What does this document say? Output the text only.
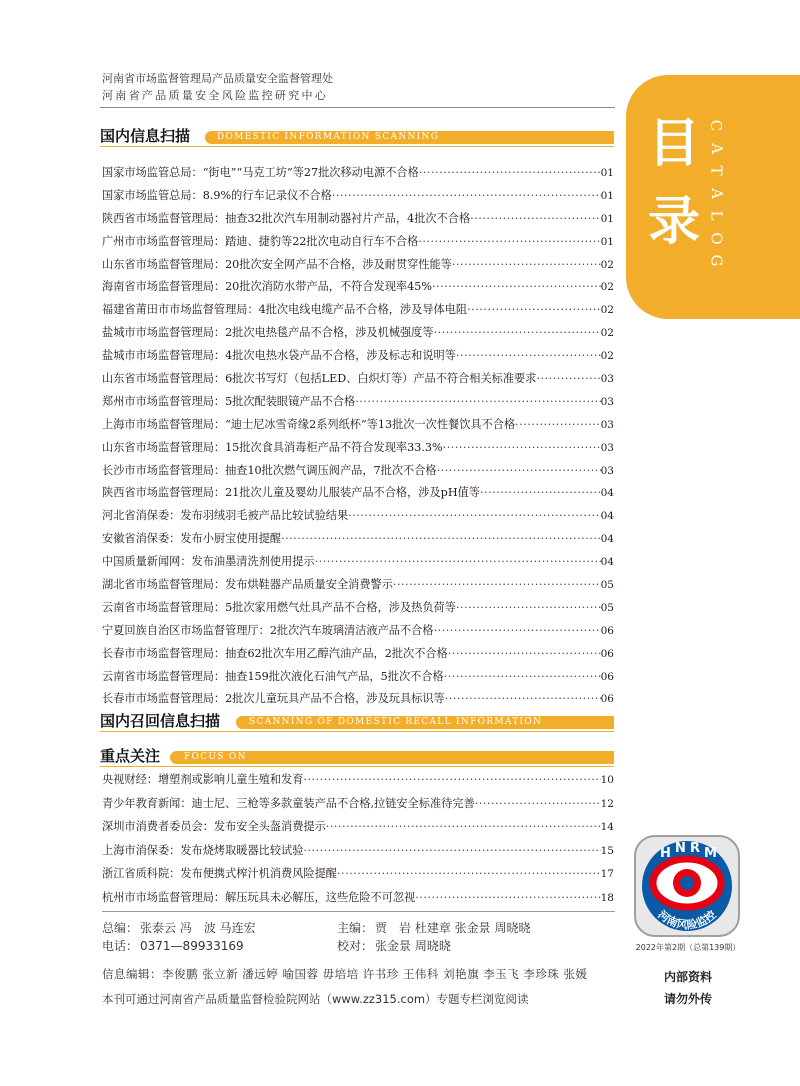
河南省市场监督管理局产品质量安全监督管理处
河南省产品质量安全风险监控研究中心
目
录
C
A
T
A
L
O
G
国内信息扫描	DOMESTIC INFORMATION SCANNING
国家市场监管总局：“街电”“马克工坊”等27批次移动电源不合格 ·····	01
国家市场监管总局：8.9%的行车记录仪不合格 ·····	01
陕西省市场监督管理局：抽查32批次汽车用制动器衬片产品，4批次不合格 ·····	01
广州市市场监督管理局：踏迪、捷豹等22批次电动自行车不合格 ·····	01
山东省市场监督管理局：20批次安全网产品不合格，涉及耐贯穿性能等 ·····	02
海南省市场监督管理局：20批次消防水带产品，不符合发现率45% ·····	02
福建省莆田市市场监督管理局：4批次电线电缆产品不合格，涉及导体电阻 ·····	02
盐城市市场监督管理局：2批次电热毯产品不合格，涉及机械强度等 ·····	02
盐城市市场监督管理局：4批次电热水袋产品不合格，涉及标志和说明等 ·····	02
山东省市场监督管理局：6批次书写灯（包括LED、白炽灯等）产品不符合相关标准要求 ·····	03
郑州市市场监督管理局：5批次配装眼镜产品不合格 ·····	03
上海市市场监督管理局：“迪士尼冰雪奇缘2系列纸杯”等13批次一次性餐饮具不合格 ·····	03
山东省市场监督管理局：15批次食具消毒柜产品不符合发现率33.3% ·····	03
长沙市市场监督管理局：抽查10批次燃气调压阀产品，7批次不合格 ·····	03
陕西省市场监督管理局：21批次儿童及婴幼儿服装产品不合格，涉及pH值等 ·····	04
河北省消保委：发布羽绒羽毛被产品比较试验结果 ·····	04
安徽省消保委：发布小厨宝使用提醒 ·····	04
中国质量新闻网：发布油墨清洗剂使用提示 ·····	04
湖北省市场监督管理局：发布烘鞋器产品质量安全消费警示 ·····	05
云南省市场监督管理局：5批次家用燃气灶具产品不合格，涉及热负荷等 ·····	05
宁夏回族自治区市场监督管理厅：2批次汽车玻璃清洁液产品不合格 ·····	06
长春市市场监督管理局：抽查62批次车用乙醇汽油产品，2批次不合格 ·····	06
云南省市场监督管理局：抽查159批次液化石油气产品，5批次不合格 ·····	06
长春市市场监督管理局：2批次儿童玩具产品不合格，涉及玩具标识等 ·····	06
国内召回信息扫描	SCANNING OF DOMESTIC RECALL INFORMATION
重点关注	FOCUS ON
央视财经：增塑剂或影响儿童生殖和发育 ·····	10
青少年教育新闻：迪士尼、三枪等多款童装产品不合格,拉链安全标准待完善 ·····	12
深圳市消费者委员会：发布安全头盔消费提示 ·····	14
上海市消保委：发布烧烤取暖器比较试验 ·····	15
浙江省质科院：发布便携式榨汁机消费风险提醒 ·····	17
杭州市市场监督管理局：解压玩具未必解压，这些危险不可忽视 ·····	18
总编： 张泰云 冯　波 马连宏
电话： 0371—89933169
主编： 贾　岩 杜建章 张金景 周晓晓
校对： 张金景 周晓晓
信息编辑：李俊鹏 张立新 潘远婷 喻国蓉 毋培培 许书珍 王伟科 刘艳旗 李玉飞 李珍珠 张媛
本刊可通过河南省产品质量监督检验院网站（www.zz315.com）专题专栏浏览阅读
H N R M
河南风险监控
2022年第2期（总第139期）
内部资料
请勿外传
